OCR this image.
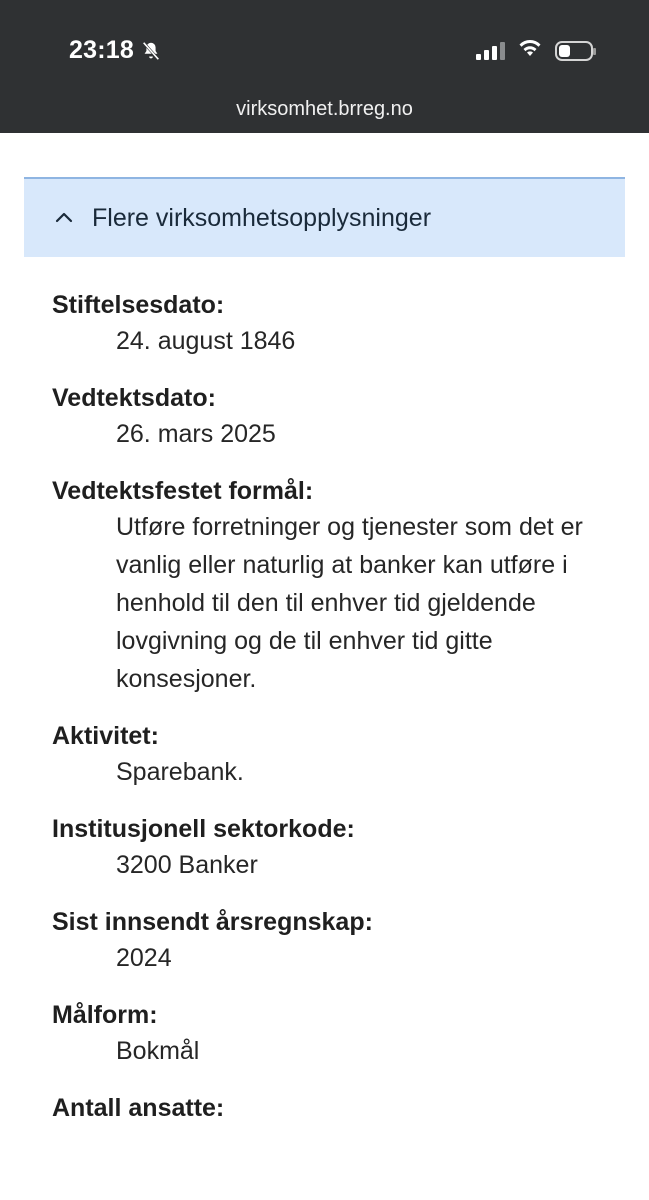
23:18
virksomhet.brreg.no
Flere virksomhetsopplysninger
Stiftelsesdato:
24. august 1846
Vedtektsdato:
26. mars 2025
Vedtektsfestet formål:
Utføre forretninger og tjenester som det er vanlig eller naturlig at banker kan utføre i henhold til den til enhver tid gjeldende lovgivning og de til enhver tid gitte konsesjoner.
Aktivitet:
Sparebank.
Institusjonell sektorkode:
3200 Banker
Sist innsendt årsregnskap:
2024
Målform:
Bokmål
Antall ansatte:
